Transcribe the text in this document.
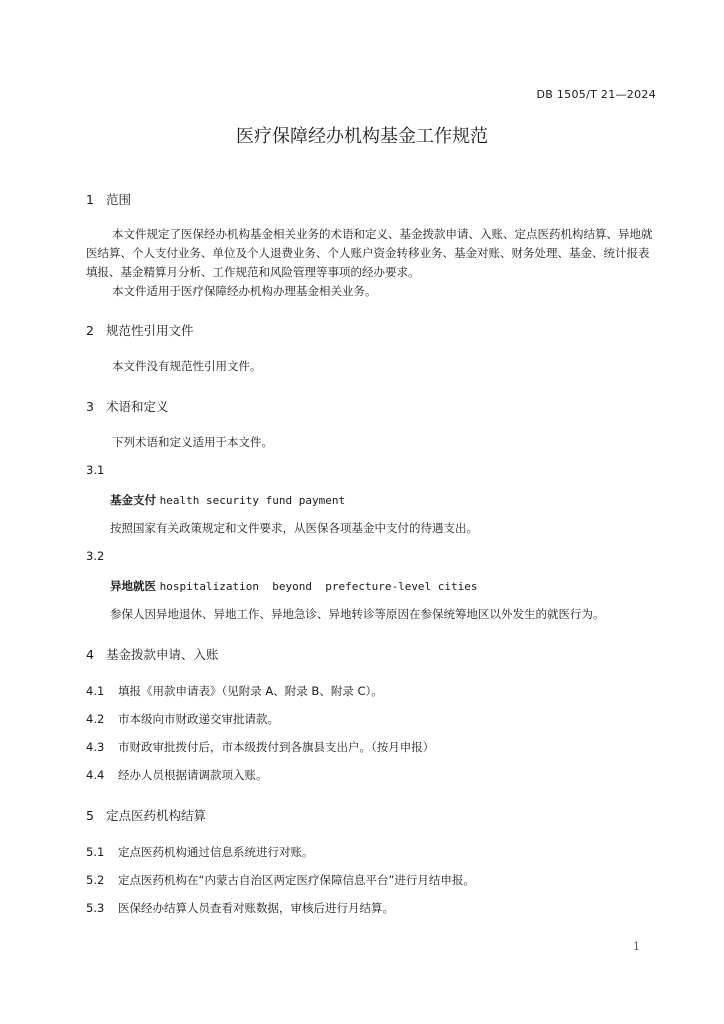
DB 1505/T 21—2024
医疗保障经办机构基金工作规范
1 范围
本文件规定了医保经办机构基金相关业务的术语和定义、基金拨款申请、入账、定点医药机构结算、异地就医结算、个人支付业务、单位及个人退费业务、个人账户资金转移业务、基金对账、财务处理、基金、统计报表填报、基金精算月分析、工作规范和风险管理等事项的经办要求。
本文件适用于医疗保障经办机构办理基金相关业务。
2 规范性引用文件
本文件没有规范性引用文件。
3 术语和定义
下列术语和定义适用于本文件。
3.1
基金支付 health security fund payment
按照国家有关政策规定和文件要求，从医保各项基金中支付的待遇支出。
3.2
异地就医 hospitalization  beyond  prefecture-level cities
参保人因异地退休、异地工作、异地急诊、异地转诊等原因在参保统筹地区以外发生的就医行为。
4 基金拨款申请、入账
4.1 填报《用款申请表》（见附录 A、附录 B、附录 C）。
4.2 市本级向市财政递交审批请款。
4.3 市财政审批拨付后，市本级拨付到各旗县支出户。（按月申报）
4.4 经办人员根据请调款项入账。
5 定点医药机构结算
5.1 定点医药机构通过信息系统进行对账。
5.2 定点医药机构在“内蒙古自治区两定医疗保障信息平台”进行月结申报。
5.3 医保经办结算人员查看对账数据，审核后进行月结算。
1
